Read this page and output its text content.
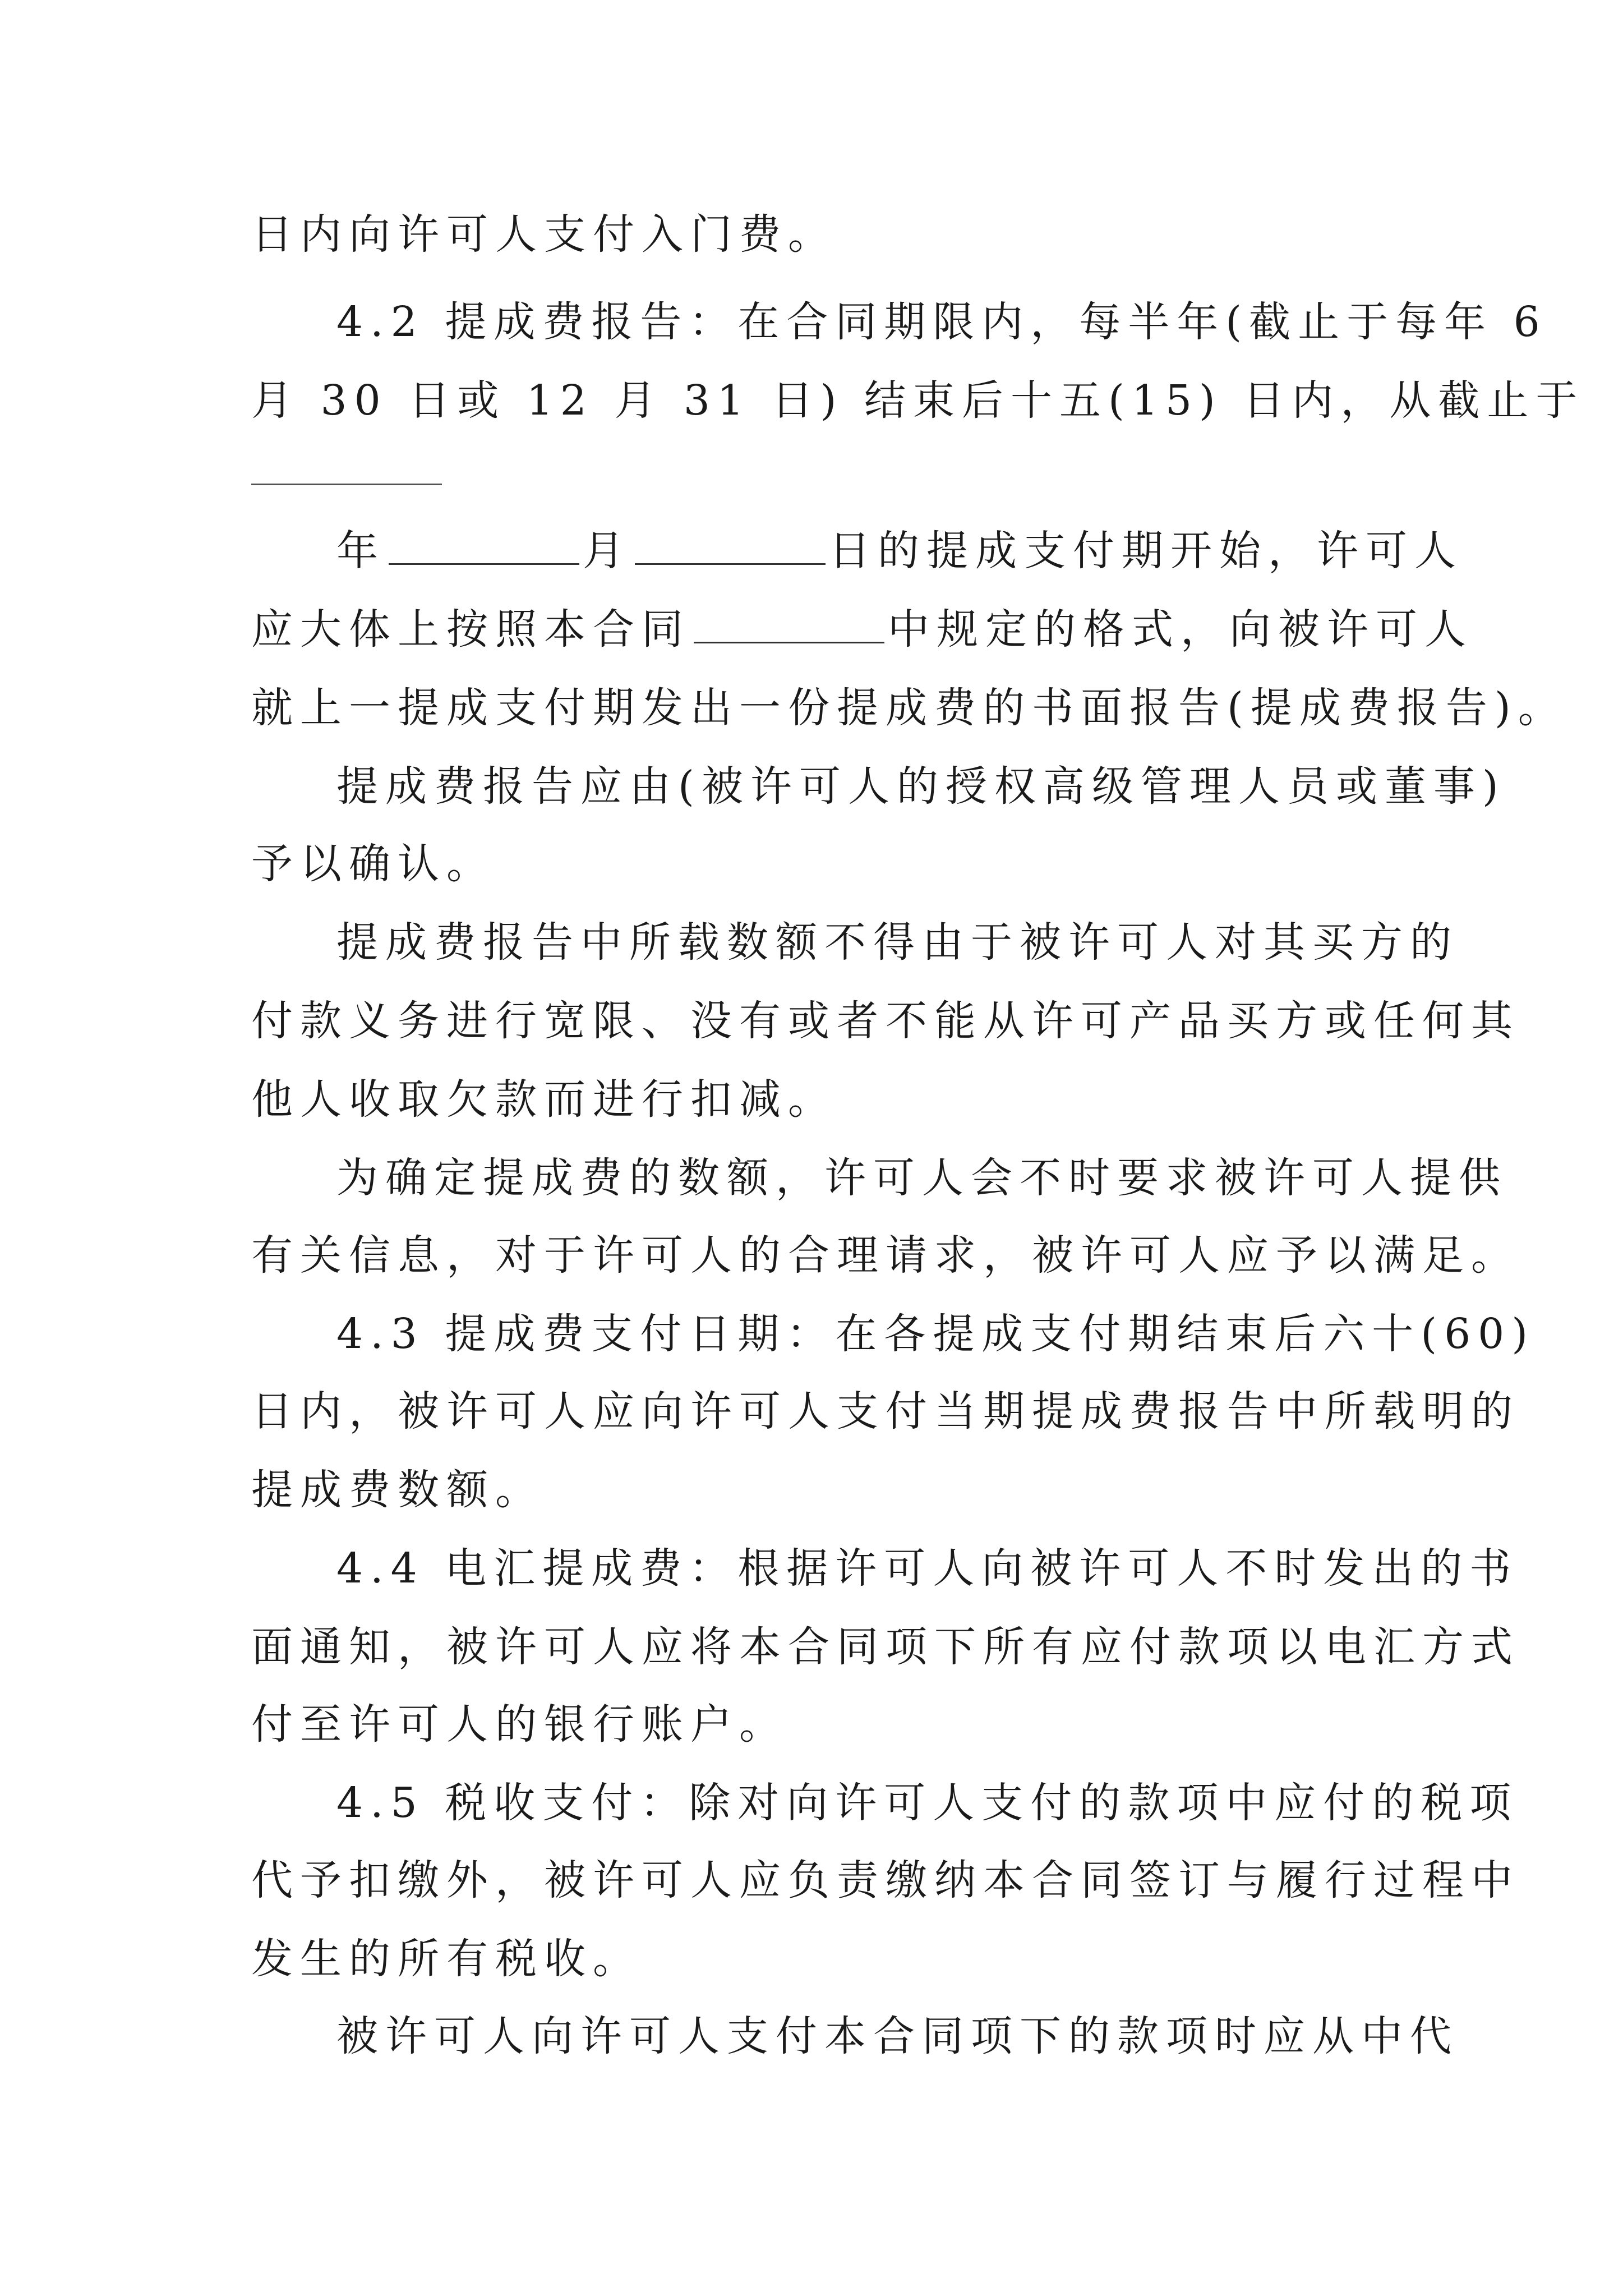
日内向许可人支付入门费。
4.2 提成费报告：在合同期限内，每半年(截止于每年 6
月 30 日或 12 月 31 日) 结束后十五(15) 日内，从截止于
年	月	日的提成支付期开始，许可人
应大体上按照本合同	中规定的格式，向被许可人
就上一提成支付期发出一份提成费的书面报告(提成费报告)。
提成费报告应由(被许可人的授权高级管理人员或董事)
予以确认。
提成费报告中所载数额不得由于被许可人对其买方的
付款义务进行宽限、没有或者不能从许可产品买方或任何其
他人收取欠款而进行扣减。
为确定提成费的数额，许可人会不时要求被许可人提供
有关信息，对于许可人的合理请求，被许可人应予以满足。
4.3 提成费支付日期：在各提成支付期结束后六十(60)
日内，被许可人应向许可人支付当期提成费报告中所载明的
提成费数额。
4.4 电汇提成费：根据许可人向被许可人不时发出的书
面通知，被许可人应将本合同项下所有应付款项以电汇方式
付至许可人的银行账户。
4.5 税收支付：除对向许可人支付的款项中应付的税项
代予扣缴外，被许可人应负责缴纳本合同签订与履行过程中
发生的所有税收。
被许可人向许可人支付本合同项下的款项时应从中代
